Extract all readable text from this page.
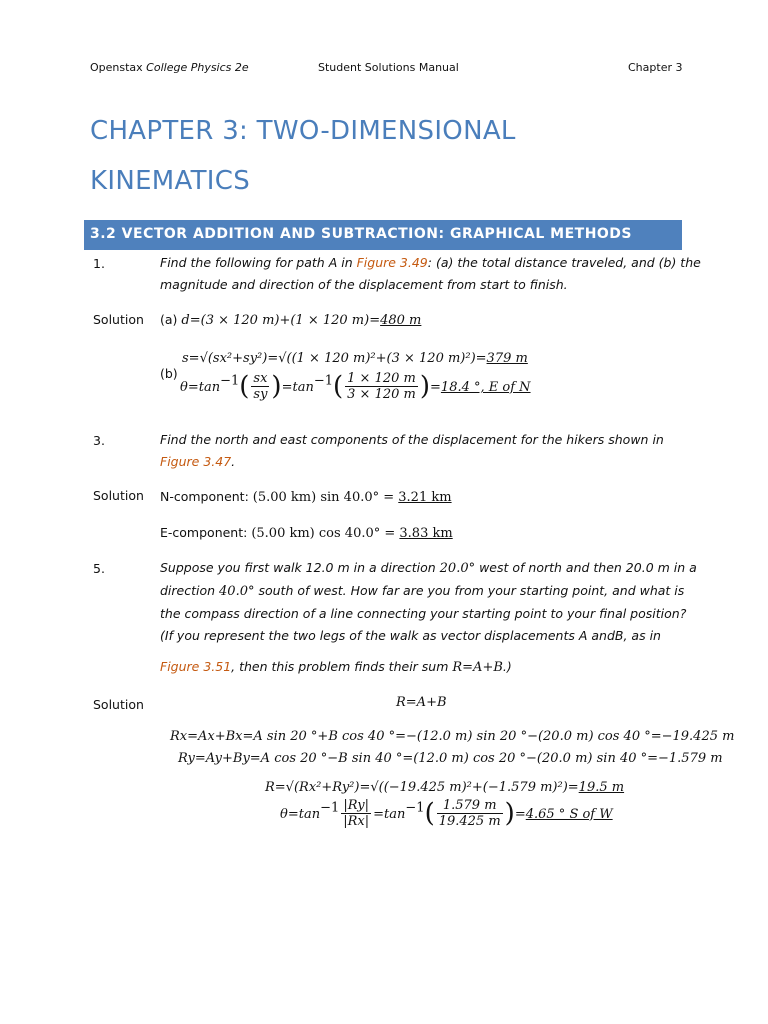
Openstax College Physics 2e	Student Solutions Manual	Chapter 3
CHAPTER 3: TWO-DIMENSIONAL
KINEMATICS
3.2 VECTOR ADDITION AND SUBTRACTION: GRAPHICAL METHODS
1.	Find the following for path A in Figure 3.49: (a) the total distance traveled, and (b) the
magnitude and direction of the displacement from start to finish.
Solution (a) d=(3 × 120 m)+(1 × 120 m)=480 m
s=√(sx²+sy²)=√((1 × 120 m)²+(3 × 120 m)²)=379 m
(b)
$\theta=\tan^{-1}( \frac{sx}{sy} )=\tan^{-1}( \frac{1 \times 120 m}{3 \times 120 m} )=18.4$ °, E of N
3.	Find the north and east components of the displacement for the hikers shown in
Figure 3.47.
Solution N-component: (5.00 km) sin 40.0° = 3.21 km
E-component: (5.00 km) cos 40.0° = 3.83 km
5.	Suppose you first walk 12.0 m in a direction 20.0° west of north and then 20.0 m in a
direction 40.0° south of west. How far are you from your starting point, and what is
the compass direction of a line connecting your starting point to your final position?
(If you represent the two legs of the walk as vector displacements A andB, as in
Figure 3.51, then this problem finds their sum R=A+B.)
Solution	R=A+B
Rx=Ax+Bx=A sin 20 °+B cos 40 °=−(12.0 m) sin 20 °−(20.0 m) cos 40 °=−19.425 m
Ry=Ay+By=A cos 20 °−B sin 40 °=(12.0 m) cos 20 °−(20.0 m) sin 40 °=−1.579 m
R=√(Rx²+Ry²)=√((−19.425 m)²+(−1.579 m)²)=19.5 m
$\theta=\tan^{-1} \frac{|Ry|}{|Rx|} =\tan^{-1}( \frac{1.579 m}{19.425 m} )=4.65$ ° S of W
